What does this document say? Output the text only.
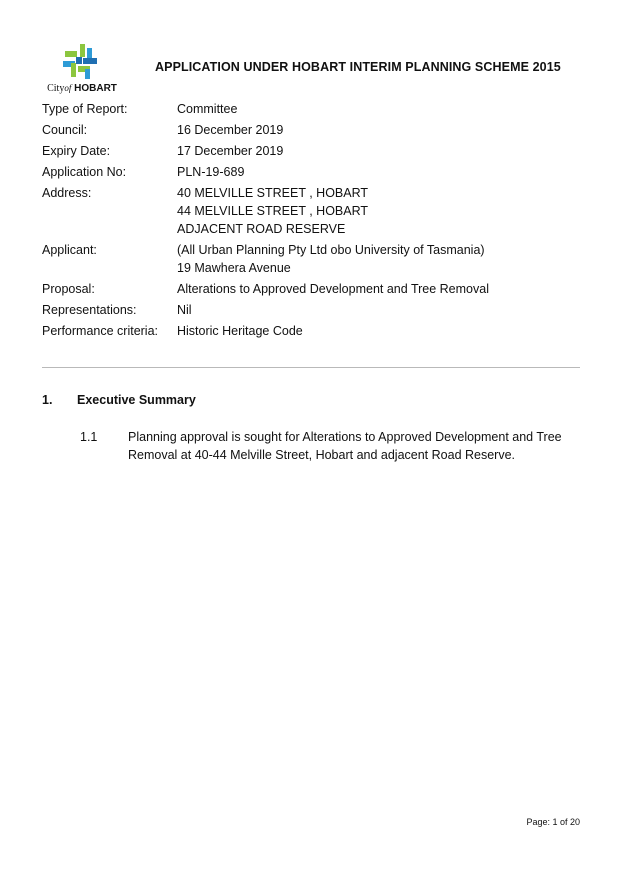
Cityof HOBART
APPLICATION UNDER HOBART INTERIM PLANNING SCHEME 2015
Type of Report:	Committee
Council:	16 December 2019
Expiry Date:	17 December 2019
Application No:	PLN-19-689
Address:	40 MELVILLE STREET , HOBART
44 MELVILLE STREET , HOBART
ADJACENT ROAD RESERVE
Applicant:	(All Urban Planning Pty Ltd obo University of Tasmania)
19 Mawhera Avenue
Proposal:	Alterations to Approved Development and Tree Removal
Representations:	Nil
Performance criteria:	Historic Heritage Code
1. Executive Summary
1.1 Planning approval is sought for Alterations to Approved Development and Tree Removal at 40-44 Melville Street, Hobart and adjacent Road Reserve.
Page: 1 of 20
